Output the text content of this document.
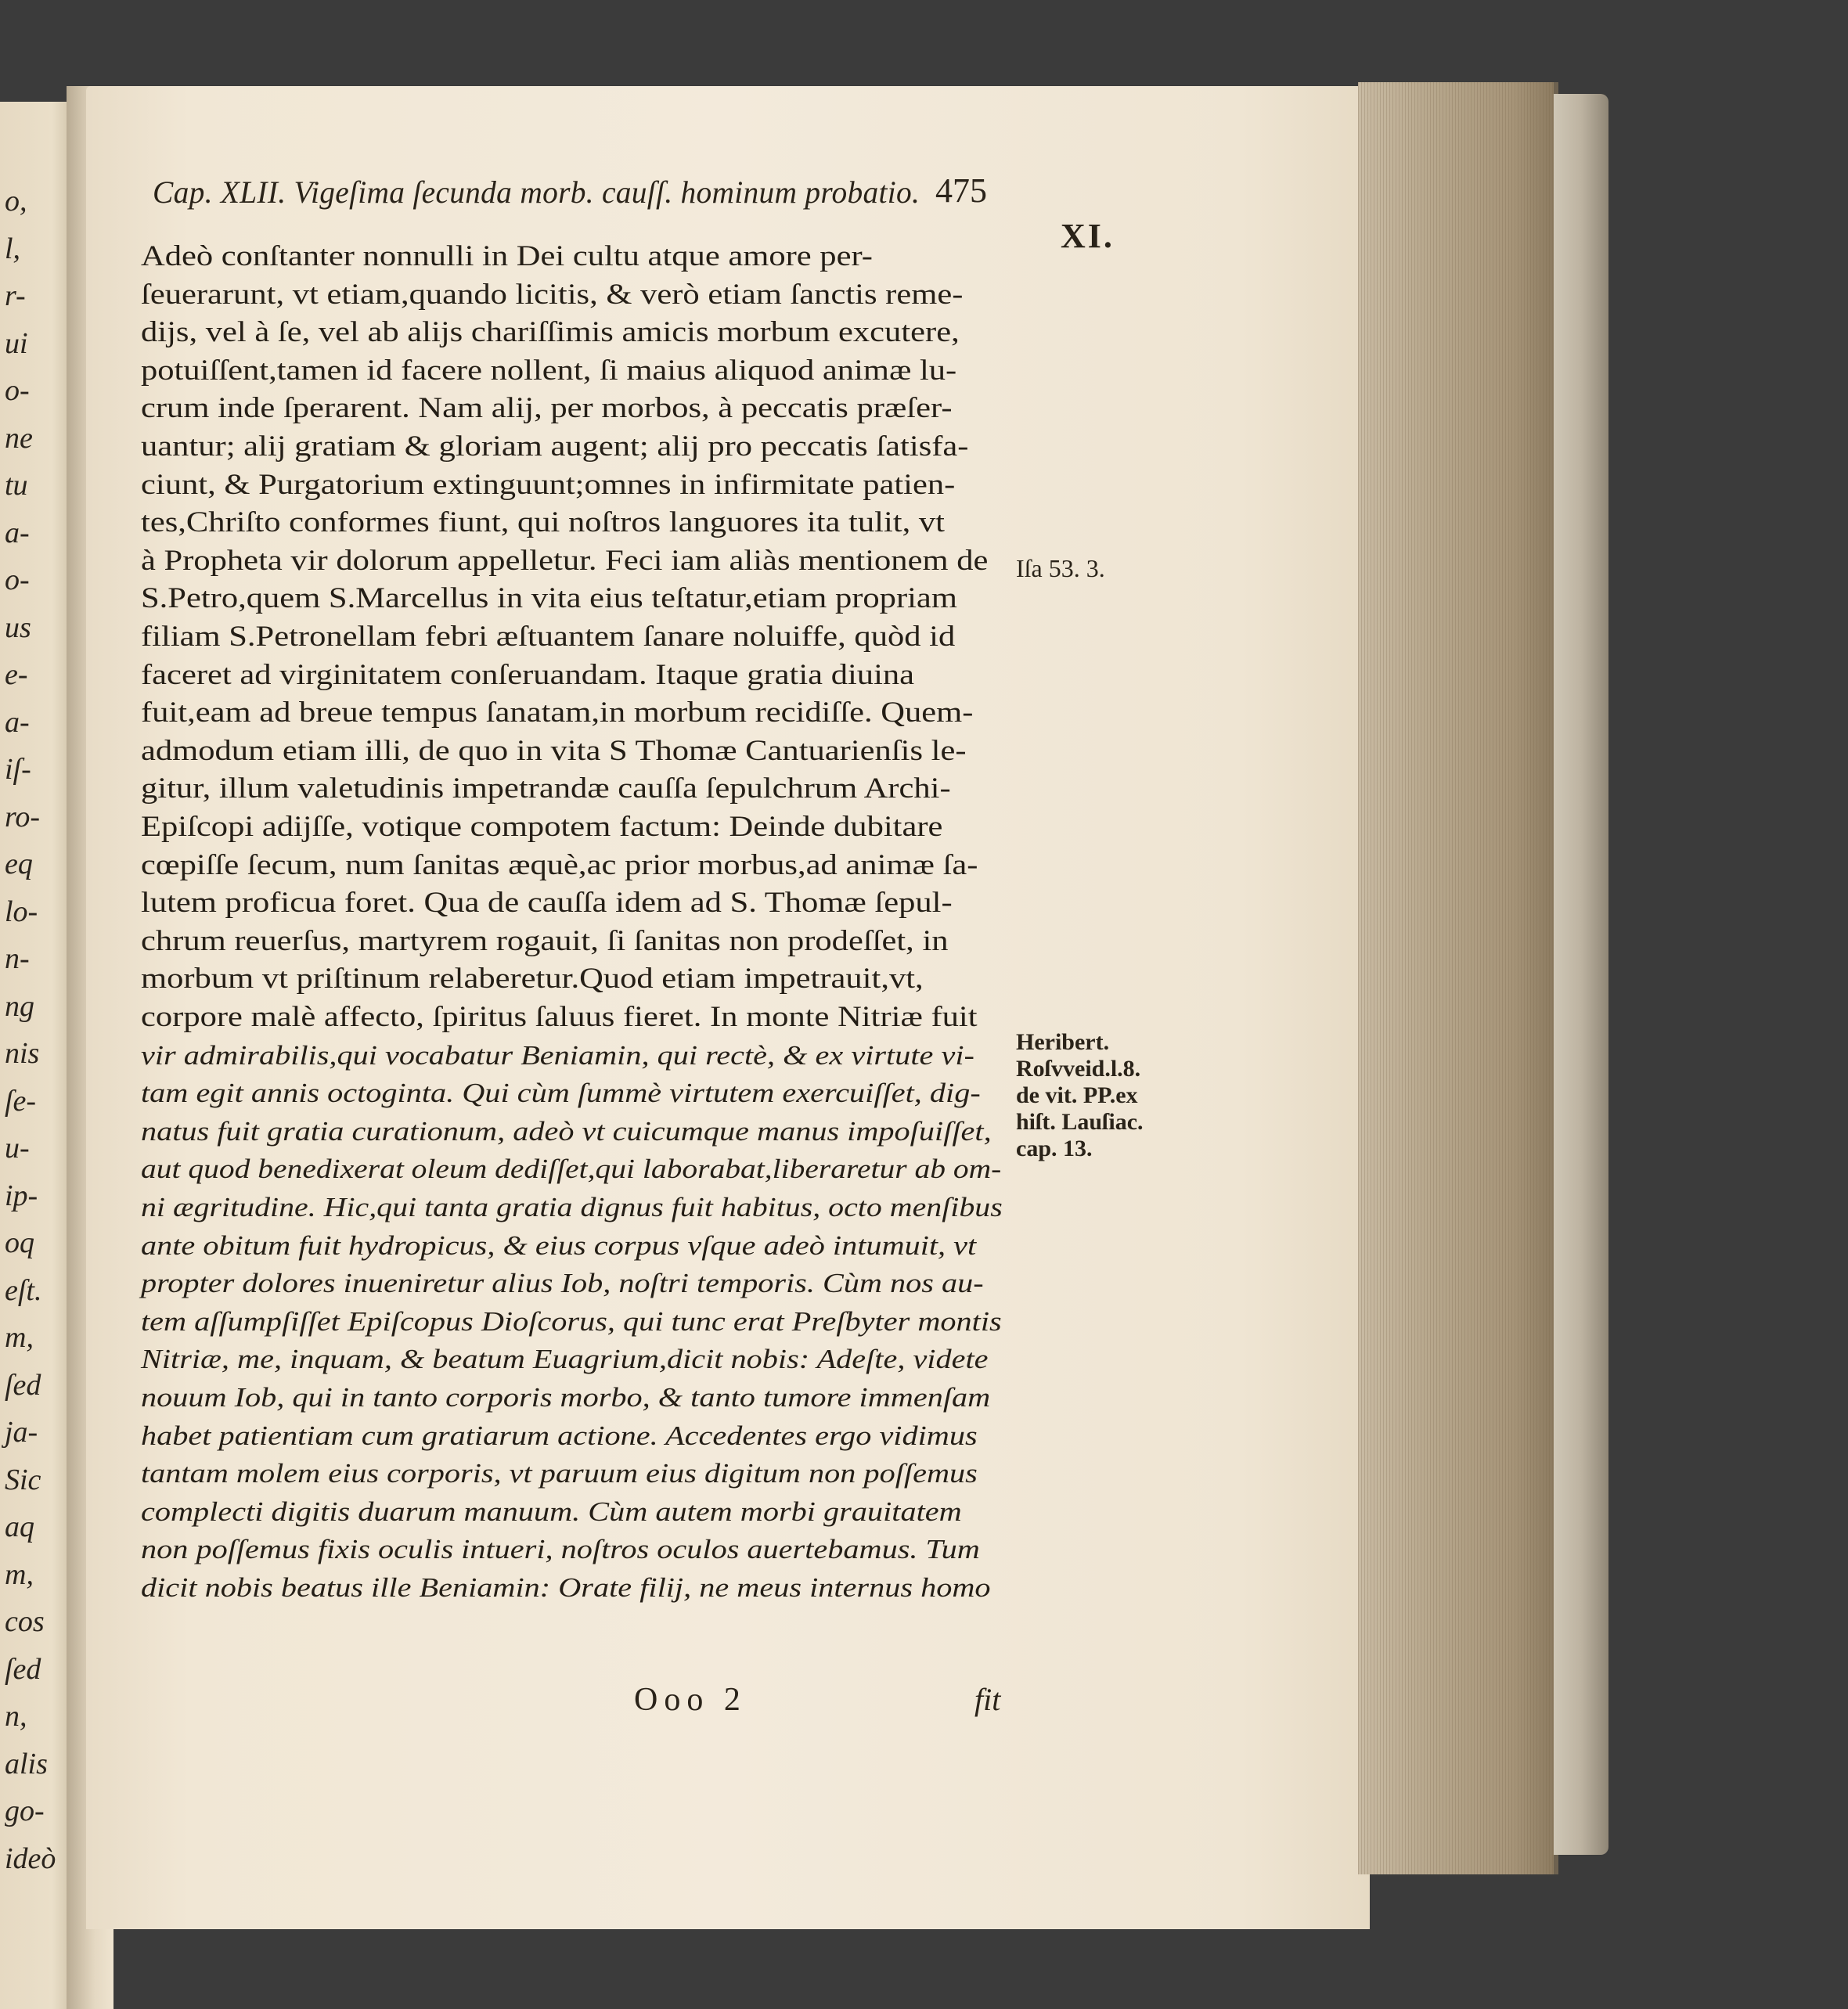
o,
l,
r-
ui
o-
ne
tu
a-
o-
us
e-
a-
iſ-
ro-
eq
lo-
n-
ng
nis
ſe-
u-
ip-
oq
eſt.
m,
ſed
ja-
Sic
aq
m,
cos
ſed
n,
alis
go-
ideò
Cap. XLII. Vigeſima ſecunda morb. cauſſ. hominum probatio. 475
XI.
Adeò conſtanter nonnulli in Dei cultu atque amore per-
ſeuerarunt, vt etiam,quando licitis, & verò etiam ſanctis reme-
dijs, vel à ſe, vel ab alijs chariſſimis amicis morbum excutere,
potuiſſent,tamen id facere nollent, ſi maius aliquod animæ lu-
crum inde ſperarent. Nam alij, per morbos, à peccatis præſer-
uantur; alij gratiam & gloriam augent; alij pro peccatis ſatisfa-
ciunt, & Purgatorium extinguunt;omnes in infirmitate patien-
tes,Chriſto conformes fiunt, qui noſtros languores ita tulit, vt
à Propheta vir dolorum appelletur. Feci iam aliàs mentionem de
S.Petro,quem S.Marcellus in vita eius teſtatur,etiam propriam
filiam S.Petronellam febri æſtuantem ſanare noluiffe, quòd id
faceret ad virginitatem conſeruandam. Itaque gratia diuina
fuit,eam ad breue tempus ſanatam,in morbum recidiſſe. Quem-
admodum etiam illi, de quo in vita S Thomæ Cantuarienſis le-
gitur, illum valetudinis impetrandæ cauſſa ſepulchrum Archi-
Epiſcopi adijſſe, votique compotem factum: Deinde dubitare
cœpiſſe ſecum, num ſanitas æquè,ac prior morbus,ad animæ ſa-
lutem proficua foret. Qua de cauſſa idem ad S. Thomæ ſepul-
chrum reuerſus, martyrem rogauit, ſi ſanitas non prodeſſet, in
morbum vt priſtinum relaberetur.Quod etiam impetrauit,vt,
corpore malè affecto, ſpiritus ſaluus fieret. In monte Nitriæ fuit
vir admirabilis,qui vocabatur Beniamin, qui rectè, & ex virtute vi-
tam egit annis octoginta. Qui cùm ſummè virtutem exercuiſſet, dig-
natus fuit gratia curationum, adeò vt cuicumque manus impoſuiſſet,
aut quod benedixerat oleum dediſſet,qui laborabat,liberaretur ab om-
ni ægritudine. Hic,qui tanta gratia dignus fuit habitus, octo menſibus
ante obitum fuit hydropicus, & eius corpus vſque adeò intumuit, vt
propter dolores inueniretur alius Iob, noſtri temporis. Cùm nos au-
tem aſſumpſiſſet Epiſcopus Dioſcorus, qui tunc erat Preſbyter montis
Nitriæ, me, inquam, & beatum Euagrium,dicit nobis: Adeſte, videte
nouum Iob, qui in tanto corporis morbo, & tanto tumore immenſam
habet patientiam cum gratiarum actione. Accedentes ergo vidimus
tantam molem eius corporis, vt paruum eius digitum non poſſemus
complecti digitis duarum manuum. Cùm autem morbi grauitatem
non poſſemus fixis oculis intueri, noſtros oculos auertebamus. Tum
dicit nobis beatus ille Beniamin: Orate filij, ne meus internus homo
Iſa 53. 3.
Heribert.
Roſvveid.l.8.
de vit. PP.ex
hiſt. Lauſiac.
cap. 13.
Ooo 2	fit
